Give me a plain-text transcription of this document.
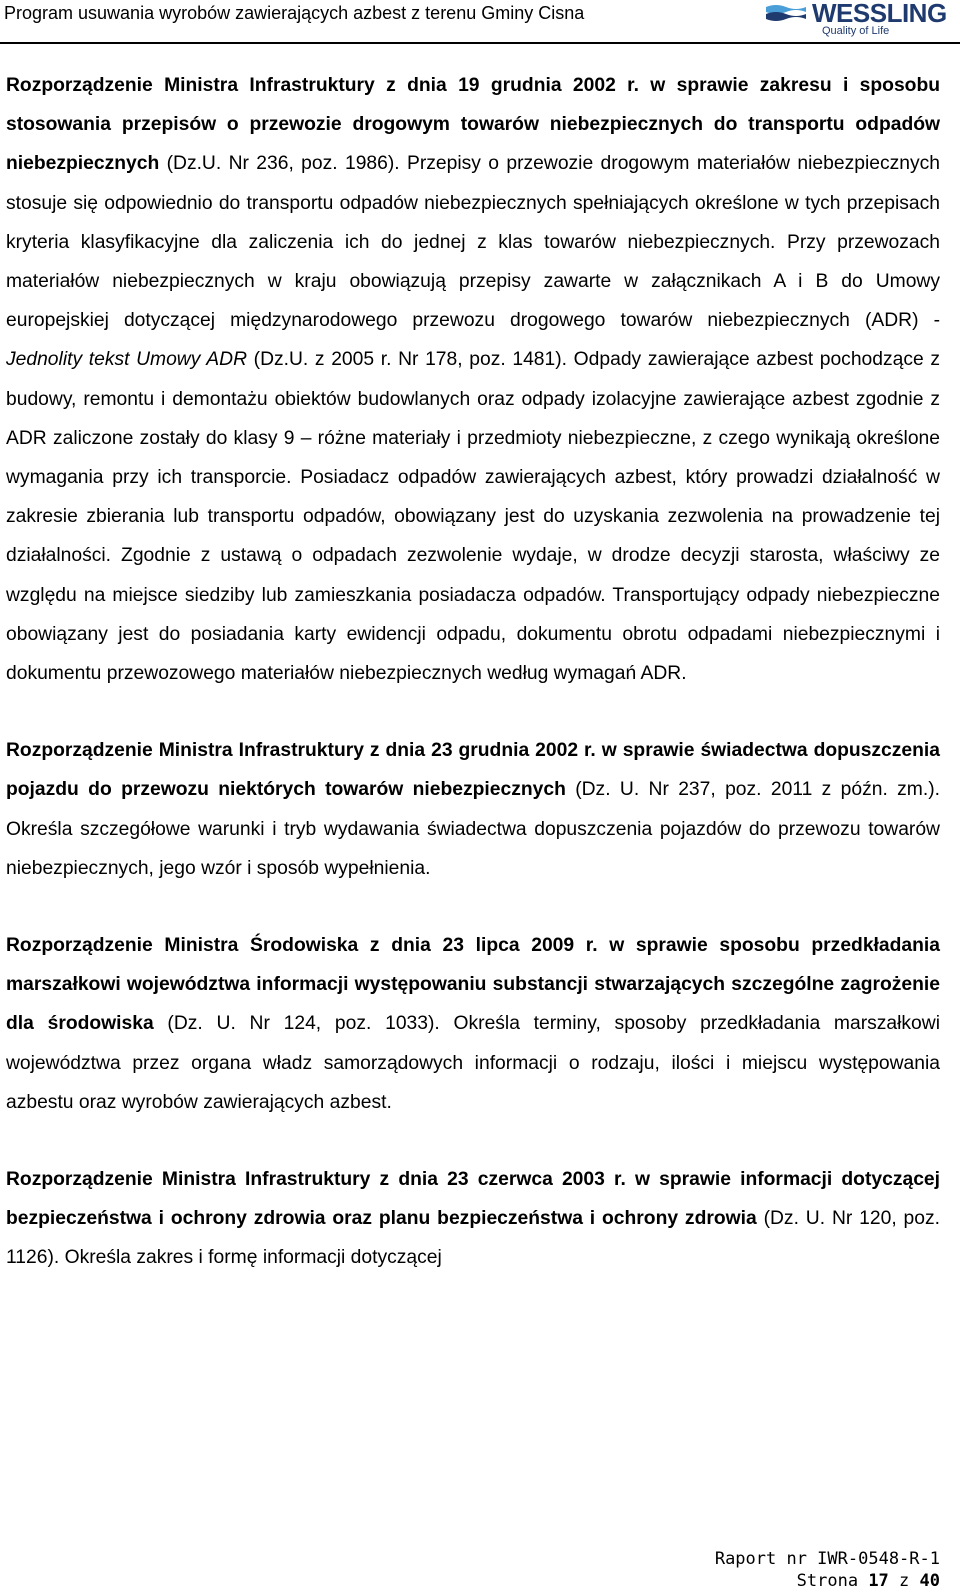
Program usuwania wyrobów zawierających azbest z terenu Gminy Cisna	WESSLING
Quality of Life

Rozporządzenie Ministra Infrastruktury z dnia 19 grudnia 2002 r. w sprawie zakresu i sposobu stosowania przepisów o przewozie drogowym towarów niebezpiecznych do transportu odpadów niebezpiecznych (Dz.U. Nr 236, poz. 1986). Przepisy o przewozie drogowym materiałów niebezpiecznych stosuje się odpowiednio do transportu odpadów niebezpiecznych spełniających określone w tych przepisach kryteria klasyfikacyjne dla zaliczenia ich do jednej z klas towarów niebezpiecznych. Przy przewozach materiałów niebezpiecznych w kraju obowiązują przepisy zawarte w załącznikach A i B do Umowy europejskiej dotyczącej międzynarodowego przewozu drogowego towarów niebezpiecznych (ADR) - Jednolity tekst Umowy ADR (Dz.U. z 2005 r. Nr 178, poz. 1481). Odpady zawierające azbest pochodzące z budowy, remontu i demontażu obiektów budowlanych oraz odpady izolacyjne zawierające azbest zgodnie z ADR zaliczone zostały do klasy 9 – różne materiały i przedmioty niebezpieczne, z czego wynikają określone wymagania przy ich transporcie. Posiadacz odpadów zawierających azbest, który prowadzi działalność w zakresie zbierania lub transportu odpadów, obowiązany jest do uzyskania zezwolenia na prowadzenie tej działalności. Zgodnie z ustawą o odpadach zezwolenie wydaje, w drodze decyzji starosta, właściwy ze względu na miejsce siedziby lub zamieszkania posiadacza odpadów. Transportujący odpady niebezpieczne obowiązany jest do posiadania karty ewidencji odpadu, dokumentu obrotu odpadami niebezpiecznymi i dokumentu przewozowego materiałów niebezpiecznych według wymagań ADR.

Rozporządzenie Ministra Infrastruktury z dnia 23 grudnia 2002 r. w sprawie świadectwa dopuszczenia pojazdu do przewozu niektórych towarów niebezpiecznych (Dz. U. Nr 237, poz. 2011 z późn. zm.). Określa szczegółowe warunki i tryb wydawania świadectwa dopuszczenia pojazdów do przewozu towarów niebezpiecznych, jego wzór i sposób wypełnienia.

Rozporządzenie Ministra Środowiska z dnia 23 lipca 2009 r. w sprawie sposobu przedkładania marszałkowi województwa informacji występowaniu substancji stwarzających szczególne zagrożenie dla środowiska (Dz. U. Nr 124, poz. 1033). Określa terminy, sposoby przedkładania marszałkowi województwa przez organa władz samorządowych informacji o rodzaju, ilości i miejscu występowania azbestu oraz wyrobów zawierających azbest.

Rozporządzenie Ministra Infrastruktury z dnia 23 czerwca 2003 r. w sprawie informacji dotyczącej bezpieczeństwa i ochrony zdrowia oraz planu bezpieczeństwa i ochrony zdrowia (Dz. U. Nr 120, poz. 1126). Określa zakres i formę informacji dotyczącej

Raport nr IWR-0548-R-1
Strona 17 z 40
